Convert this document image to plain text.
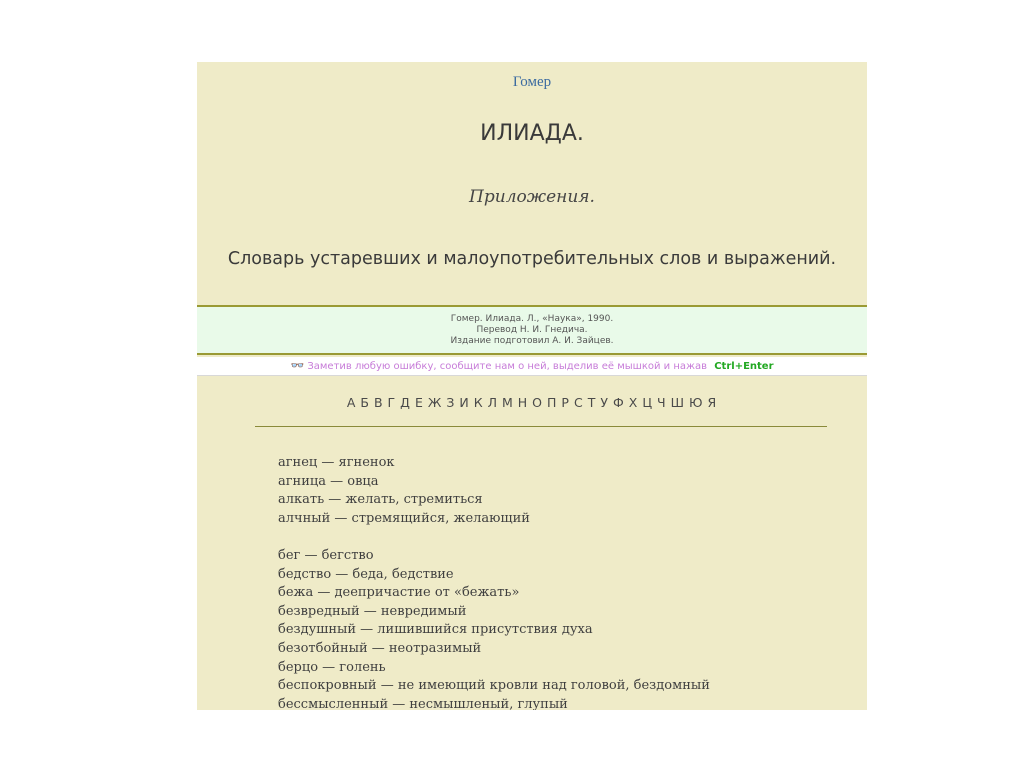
Гомер
ИЛИАДА.
Приложения.
Словарь устаревших и малоупотребительных слов и выражений.
Гомер. Илиада. Л., «Наука», 1990.
Перевод Н. И. Гнедича.
Издание подготовил А. И. Зайцев.
👓 Заметив любую ошибку, сообщите нам о ней, выделив её мышкой и нажав Ctrl+Enter
А Б В Г Д Е Ж З И К Л М Н О П Р С Т У Ф Х Ц Ч Ш Ю Я
агнец — ягненок
агница — овца
алкать — желать, стремиться
алчный — стремящийся, желающий
бег — бегство
бедство — беда, бедствие
бежа — деепричастие от «бежать»
безвредный — невредимый
бездушный — лишившийся присутствия духа
безотбойный — неотразимый
берцо — голень
беспокровный — не имеющий кровли над головой, бездомный
бессмысленный — несмышленый, глупый
